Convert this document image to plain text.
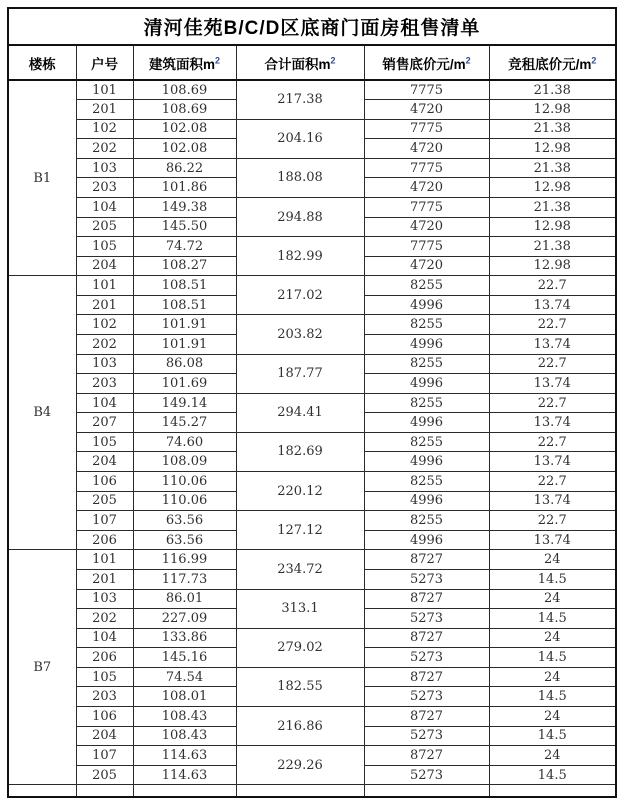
清河佳苑B/C/D区底商门面房租售清单					
楼栋	户号	建筑面积$m^2$	合计面积$m^2$	销售底价元$/m^2$	竞租底价元$/m^2$
B1	101	108.69	217.38	7775	21.38
	201	108.69		4720	12.98
	102	102.08	204.16	7775	21.38
	202	102.08		4720	12.98
	103	86.22	188.08	7775	21.38
	203	101.86		4720	12.98
	104	149.38	294.88	7775	21.38
	205	145.50		4720	12.98
	105	74.72	182.99	7775	21.38
	204	108.27		4720	12.98
B4	101	108.51	217.02	8255	22.7
	201	108.51		4996	13.74
	102	101.91	203.82	8255	22.7
	202	101.91		4996	13.74
	103	86.08	187.77	8255	22.7
	203	101.69		4996	13.74
	104	149.14	294.41	8255	22.7
	207	145.27		4996	13.74
	105	74.60	182.69	8255	22.7
	204	108.09		4996	13.74
	106	110.06	220.12	8255	22.7
	205	110.06		4996	13.74
	107	63.56	127.12	8255	22.7
	206	63.56		4996	13.74
B7	101	116.99	234.72	8727	24
	201	117.73		5273	14.5
	103	86.01	313.1	8727	24
	202	227.09		5273	14.5
	104	133.86	279.02	8727	24
	206	145.16		5273	14.5
	105	74.54	182.55	8727	24
	203	108.01		5273	14.5
	106	108.43	216.86	8727	24
	204	108.43		5273	14.5
	107	114.63	229.26	8727	24
	205	114.63		5273	14.5
